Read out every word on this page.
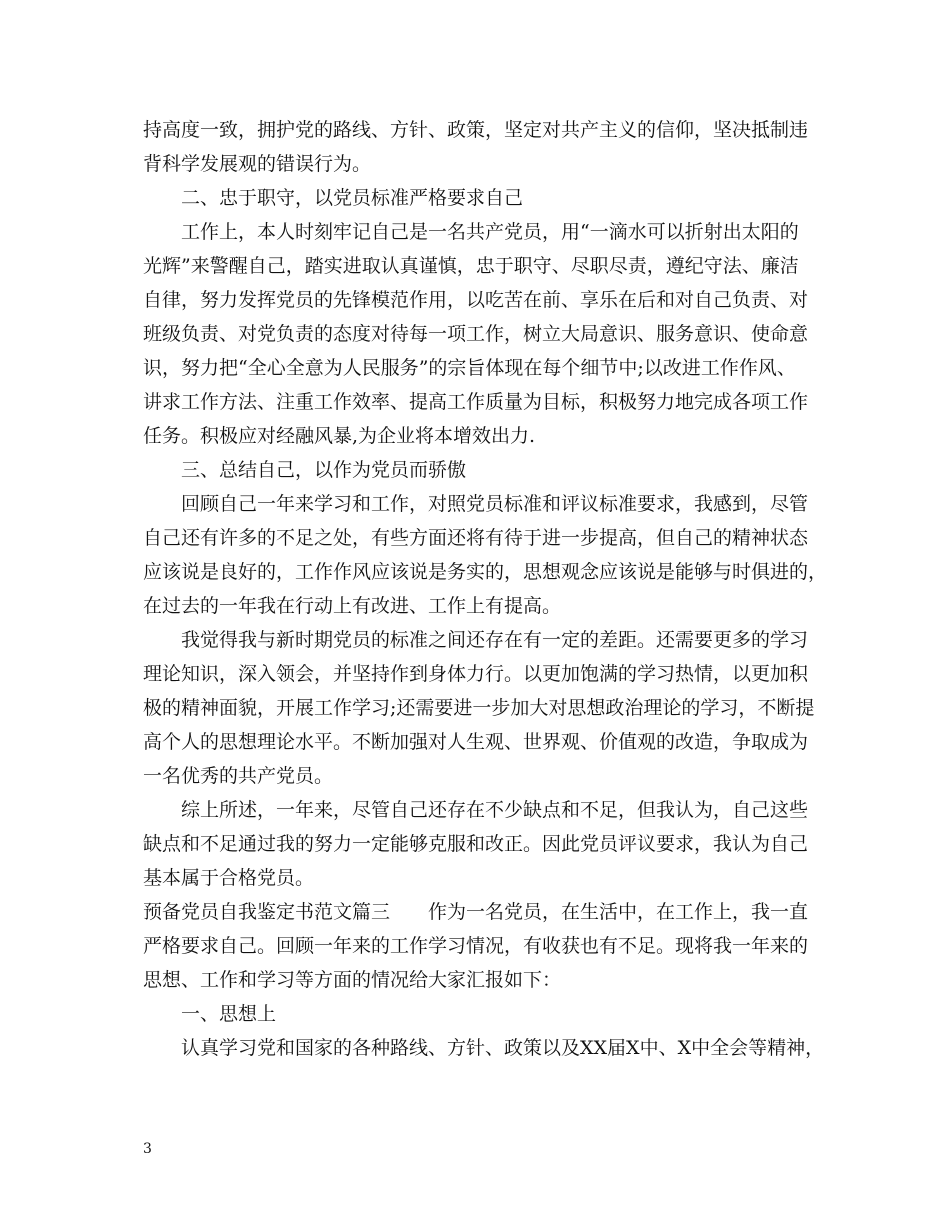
持高度一致，拥护党的路线、方针、政策，坚定对共产主义的信仰，坚决抵制违
背科学发展观的错误行为。
二、忠于职守，以党员标准严格要求自己
工作上，本人时刻牢记自己是一名共产党员，用“一滴水可以折射出太阳的
光辉”来警醒自己，踏实进取认真谨慎，忠于职守、尽职尽责，遵纪守法、廉洁
自律，努力发挥党员的先锋模范作用，以吃苦在前、享乐在后和对自己负责、对
班级负责、对党负责的态度对待每一项工作，树立大局意识、服务意识、使命意
识，努力把“全心全意为人民服务”的宗旨体现在每个细节中;以改进工作作风、
讲求工作方法、注重工作效率、提高工作质量为目标，积极努力地完成各项工作
任务。积极应对经融风暴,为企业将本增效出力.
三、总结自己，以作为党员而骄傲
回顾自己一年来学习和工作，对照党员标准和评议标准要求，我感到，尽管
自己还有许多的不足之处，有些方面还将有待于进一步提高，但自己的精神状态
应该说是良好的，工作作风应该说是务实的，思想观念应该说是能够与时俱进的，
在过去的一年我在行动上有改进、工作上有提高。
我觉得我与新时期党员的标准之间还存在有一定的差距。还需要更多的学习
理论知识，深入领会，并坚持作到身体力行。以更加饱满的学习热情，以更加积
极的精神面貌，开展工作学习;还需要进一步加大对思想政治理论的学习，不断提
高个人的思想理论水平。不断加强对人生观、世界观、价值观的改造，争取成为
一名优秀的共产党员。
综上所述，一年来，尽管自己还存在不少缺点和不足，但我认为，自己这些
缺点和不足通过我的努力一定能够克服和改正。因此党员评议要求，我认为自己
基本属于合格党员。
预备党员自我鉴定书范文篇三 作为一名党员，在生活中，在工作上，我一直
严格要求自己。回顾一年来的工作学习情况，有收获也有不足。现将我一年来的
思想、工作和学习等方面的情况给大家汇报如下：
一、思想上
认真学习党和国家的各种路线、方针、政策以及XX届X中、X中全会等精神，
3
